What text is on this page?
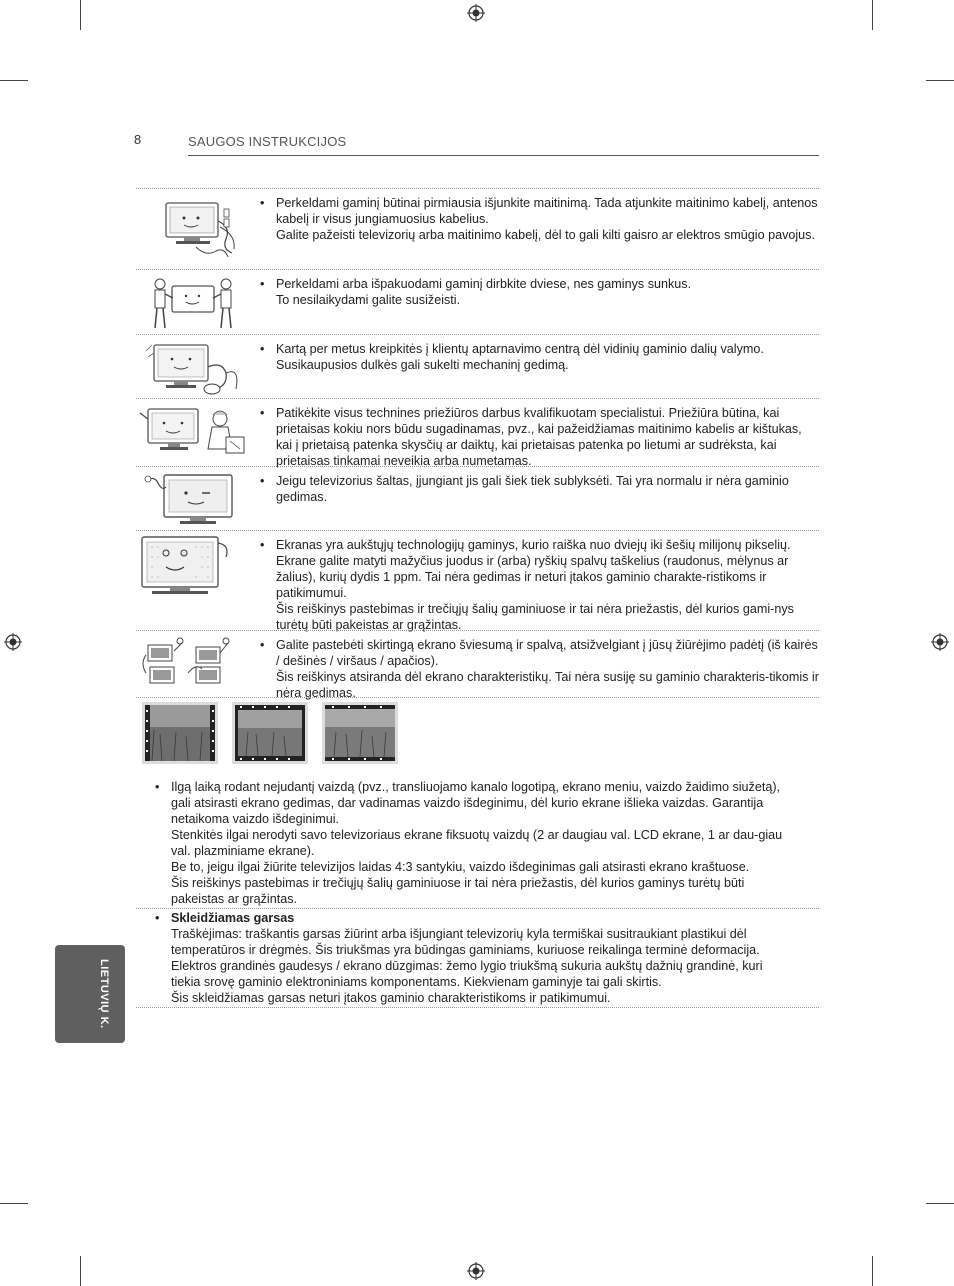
8	SAUGOS INSTRUKCIJOS

• Perkeldami gaminį būtinai pirmiausia išjunkite maitinimą. Tada atjunkite maitinimo kabelį, antenos kabelį ir visus jungiamuosius kabelius.

Galite pažeisti televizorių arba maitinimo kabelį, dėl to gali kilti gaisro ar elektros smūgio pavojus.

• Perkeldami arba išpakuodami gaminį dirbkite dviese, nes gaminys sunkus.

To nesilaikydami galite susižeisti.

• Kartą per metus kreipkitės į klientų aptarnavimo centrą dėl vidinių gaminio dalių valymo.

Susikaupusios dulkės gali sukelti mechaninį gedimą.

• Patikėkite visus technines priežiūros darbus kvalifikuotam specialistui. Priežiūra būtina, kai prietaisas kokiu nors būdu sugadinamas, pvz., kai pažeidžiamas maitinimo kabelis ar kištukas, kai į prietaisą patenka skysčių ar daiktų, kai prietaisas patenka po lietumi ar sudrėksta, kai prietaisas tinkamai neveikia arba numetamas.

• Jeigu televizorius šaltas, įjungiant jis gali šiek tiek sublyksėti. Tai yra normalu ir nėra gaminio gedimas.

• Ekranas yra aukštųjų technologijų gaminys, kurio raiška nuo dviejų iki šešių milijonų pikselių. Ekrane galite matyti mažyčius juodus ir (arba) ryškių spalvų taškelius (raudonus, mėlynus ar žalius), kurių dydis 1 ppm. Tai nėra gedimas ir neturi įtakos gaminio charakte-ristikoms ir patikimumui.

Šis reiškinys pastebimas ir trečiųjų šalių gaminiuose ir tai nėra priežastis, dėl kurios gami-nys turėtų būti pakeistas ar grąžintas.

• Galite pastebėti skirtingą ekrano šviesumą ir spalvą, atsižvelgiant į jūsų žiūrėjimo padėtį (iš kairės / dešinės / viršaus / apačios).

Šis reiškinys atsiranda dėl ekrano charakteristikų. Tai nėra susiję su gaminio charakteris-tikomis ir nėra gedimas.

• Ilgą laiką rodant nejudantį vaizdą (pvz., transliuojamo kanalo logotipą, ekrano meniu, vaizdo žaidimo siužetą), gali atsirasti ekrano gedimas, dar vadinamas vaizdo išdeginimu, dėl kurio ekrane išlieka vaizdas. Garantija netaikoma vaizdo išdeginimui.

Stenkitės ilgai nerodyti savo televizoriaus ekrane fiksuotų vaizdų (2 ar daugiau val. LCD ekrane, 1 ar dau-giau val. plazminiame ekrane).

Be to, jeigu ilgai žiūrite televizijos laidas 4:3 santykiu, vaizdo išdeginimas gali atsirasti ekrano kraštuose.

Šis reiškinys pastebimas ir trečiųjų šalių gaminiuose ir tai nėra priežastis, dėl kurios gaminys turėtų būti pakeistas ar grąžintas.

• Skleidžiamas garsas

Traškėjimas: traškantis garsas žiūrint arba išjungiant televizorių kyla termiškai susitraukiant plastikui dėl temperatūros ir drėgmės. Šis triukšmas yra būdingas gaminiams, kuriuose reikalinga terminė deformacija.

Elektros grandinės gaudesys / ekrano dūzgimas: žemo lygio triukšmą sukuria aukštų dažnių grandinė, kuri tiekia srovę gaminio elektroniniams komponentams. Kiekvienam gaminyje tai gali skirtis.

Šis skleidžiamas garsas neturi įtakos gaminio charakteristikoms ir patikimumui.

LIETUVIŲ K.
